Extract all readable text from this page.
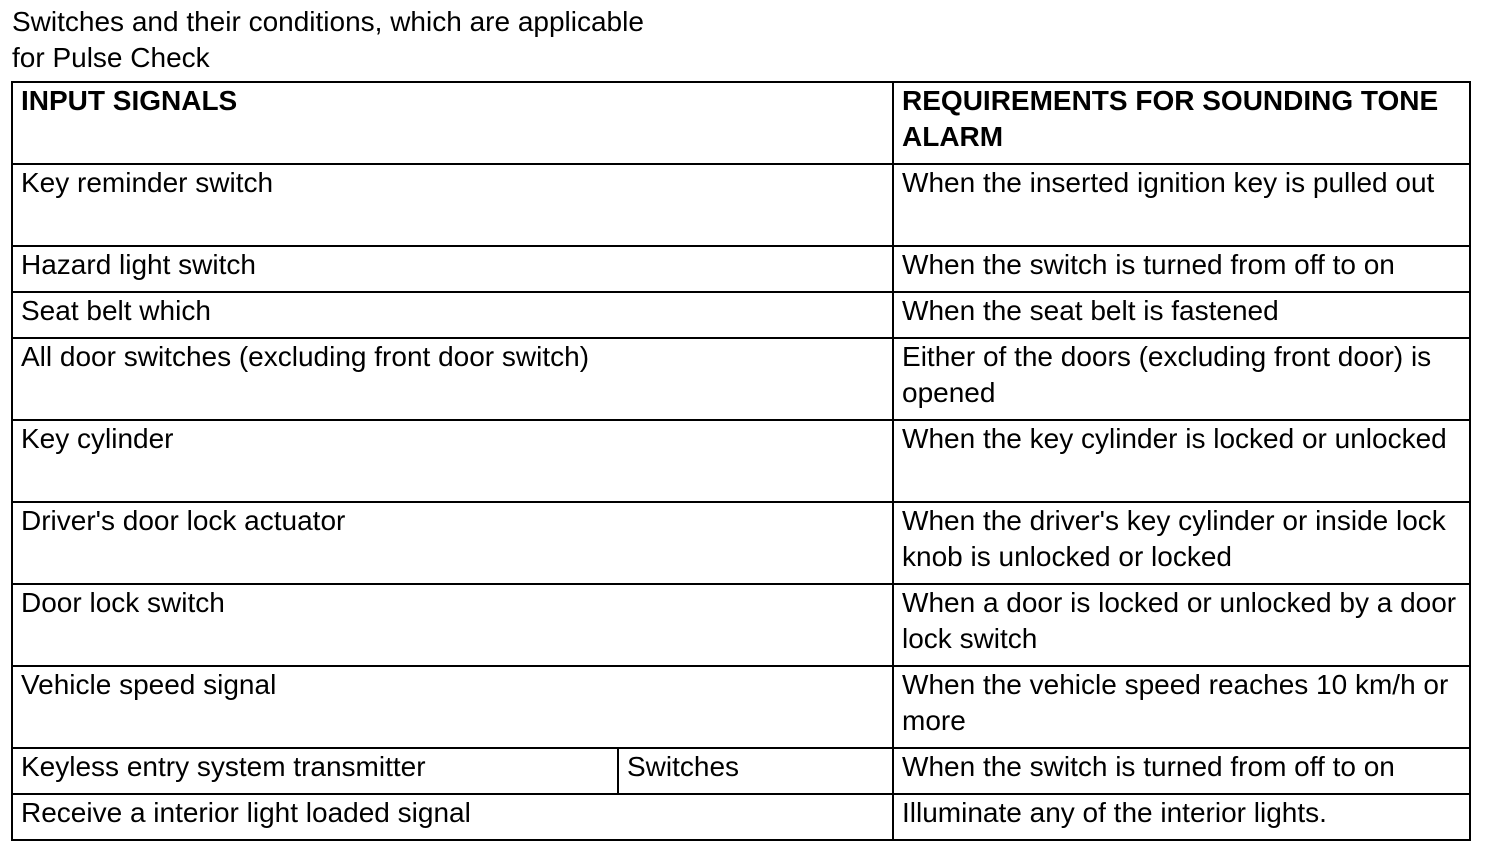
Switches and their conditions, which are applicable
for Pulse Check
INPUT SIGNALS		REQUIREMENTS FOR SOUNDING TONE ALARM
Key reminder switch		When the inserted ignition key is pulled out
Hazard light switch		When the switch is turned from off to on
Seat belt which		When the seat belt is fastened
All door switches (excluding front door switch)		Either of the doors (excluding front door) is opened
Key cylinder		When the key cylinder is locked or unlocked
Driver's door lock actuator		When the driver's key cylinder or inside lock knob is unlocked or locked
Door lock switch		When a door is locked or unlocked by a door lock switch
Vehicle speed signal		When the vehicle speed reaches 10 km/h or more
Keyless entry system transmitter	Switches	When the switch is turned from off to on
Receive a interior light loaded signal		Illuminate any of the interior lights.
